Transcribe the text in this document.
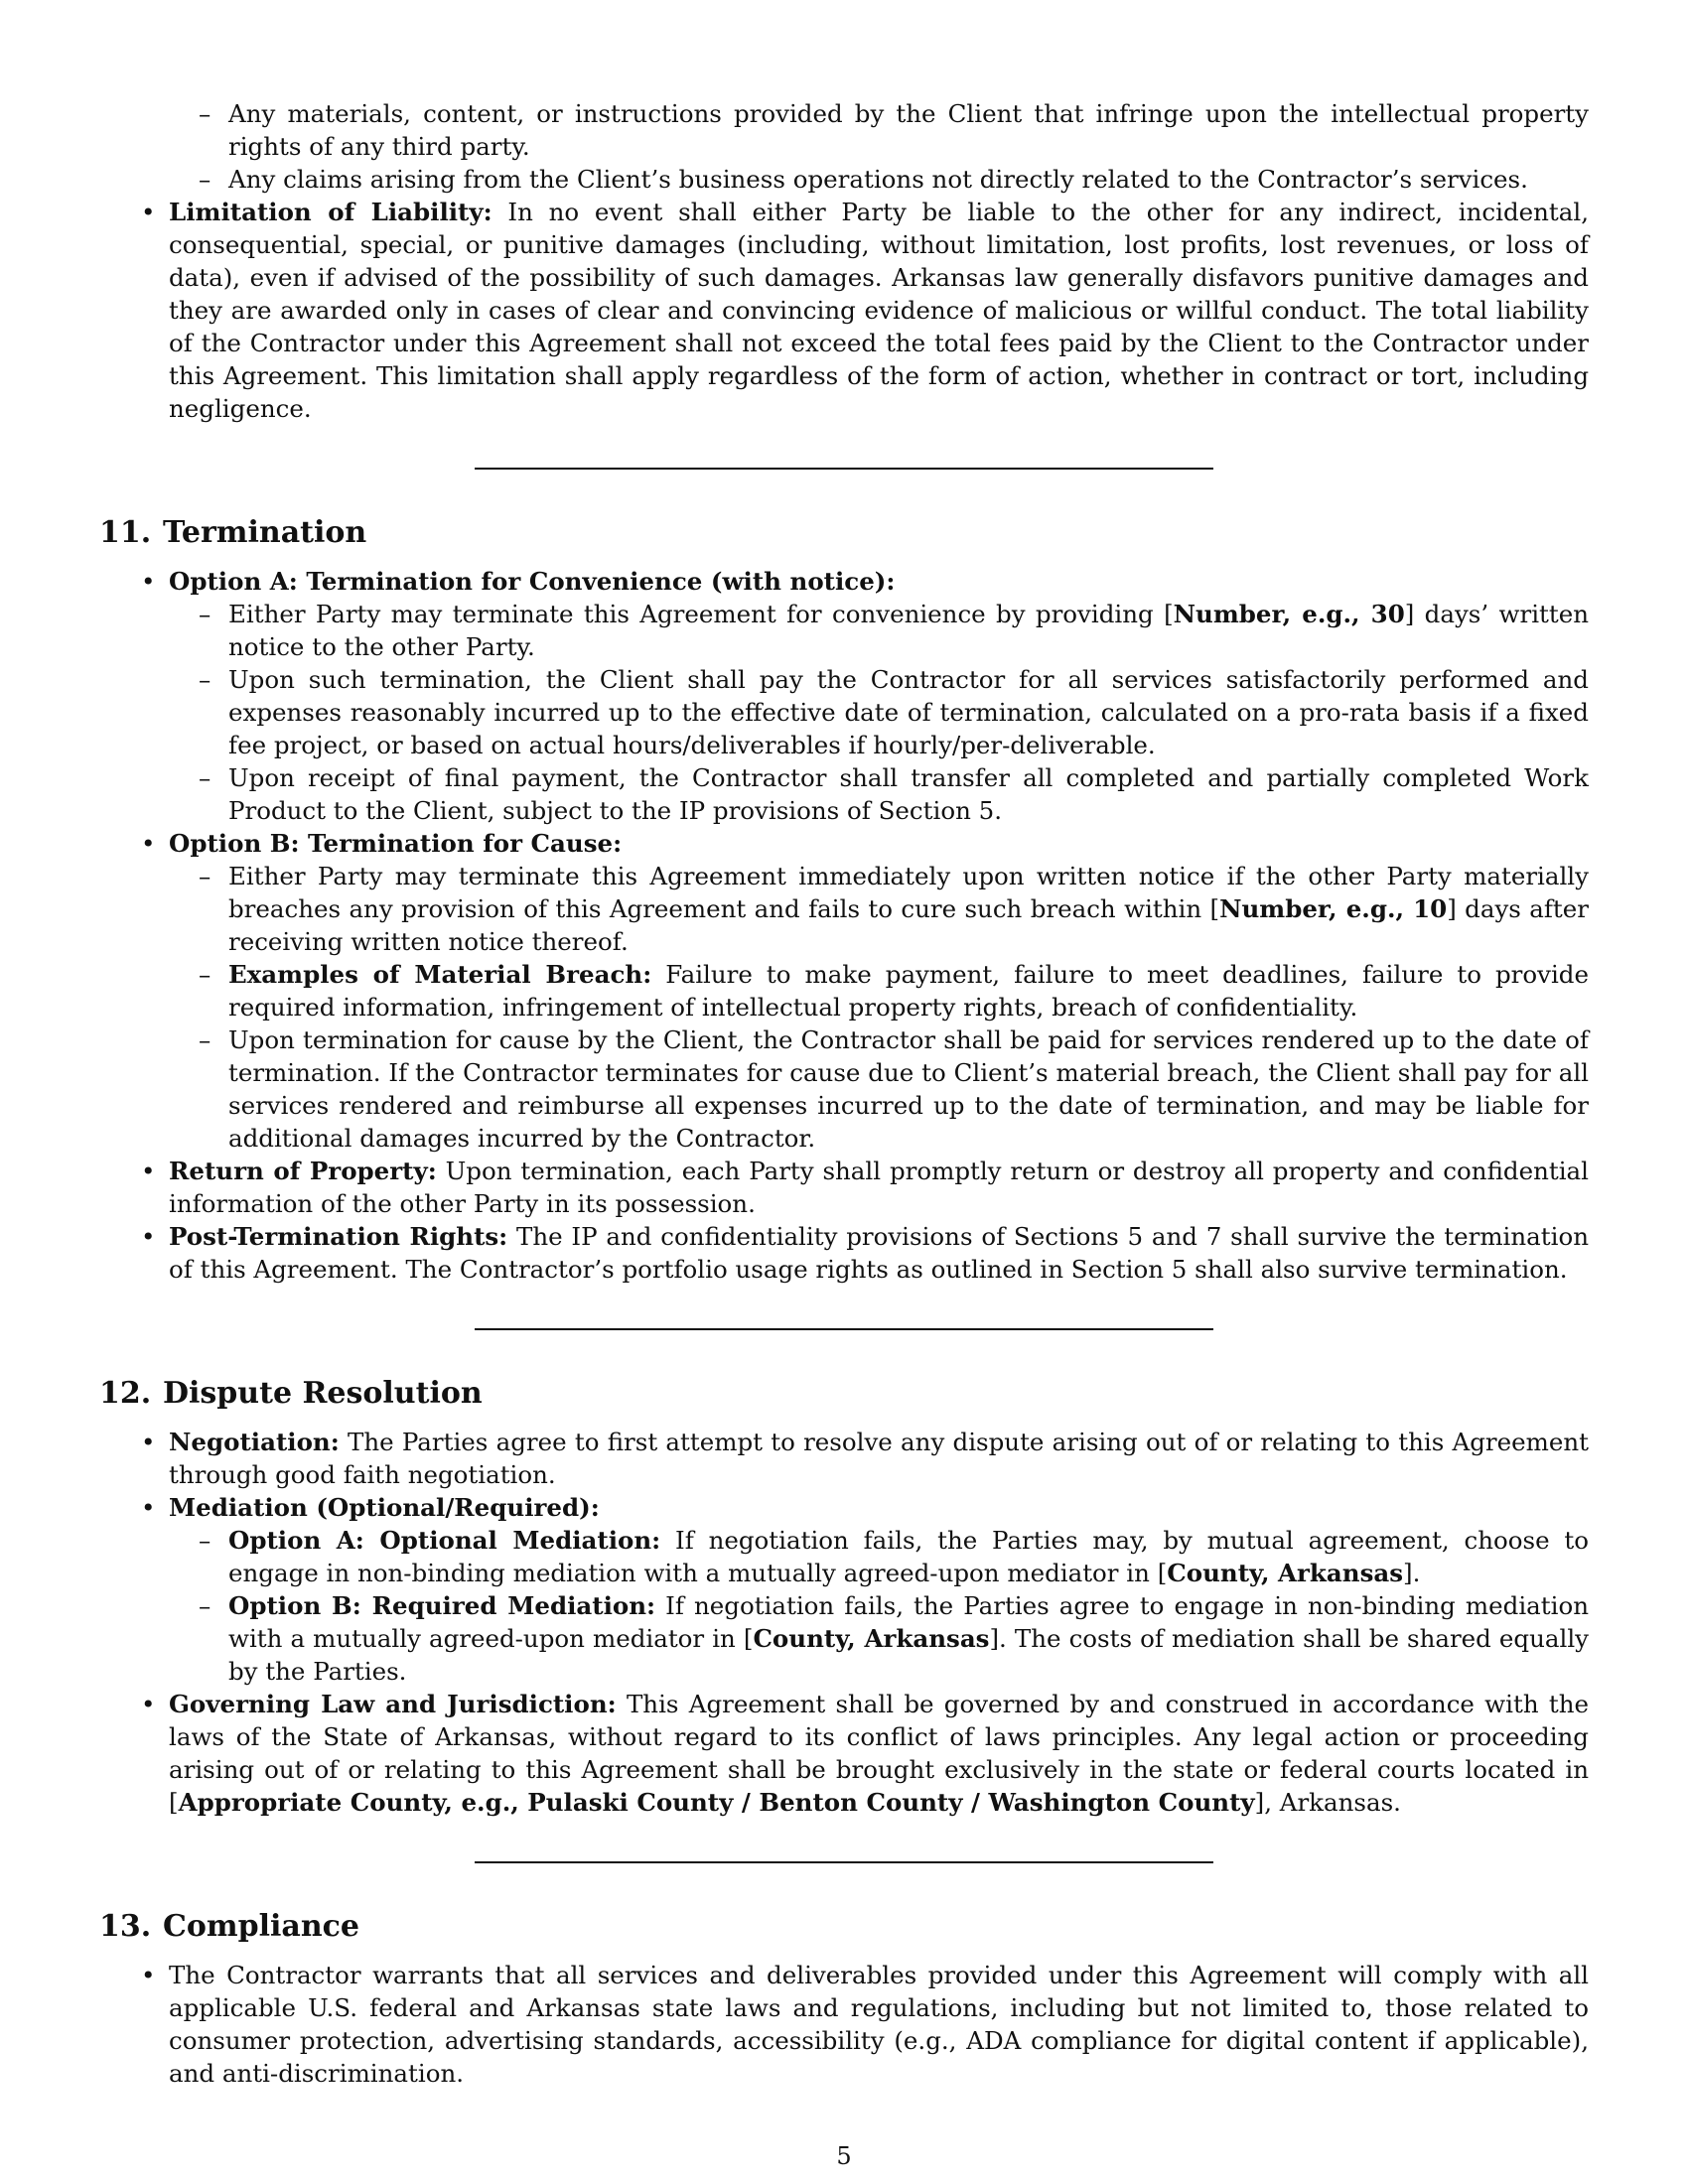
– Any materials, content, or instructions provided by the Client that infringe upon the intellectual property rights of any third party.
– Any claims arising from the Client’s business operations not directly related to the Contractor’s services.
• Limitation of Liability: In no event shall either Party be liable to the other for any indirect, incidental, consequential, special, or punitive damages (including, without limitation, lost profits, lost revenues, or loss of data), even if advised of the possibility of such damages. Arkansas law generally disfavors punitive damages and they are awarded only in cases of clear and convincing evidence of malicious or willful conduct. The total liability of the Contractor under this Agreement shall not exceed the total fees paid by the Client to the Contractor under this Agreement. This limitation shall apply regardless of the form of action, whether in contract or tort, including negligence.
11. Termination
• Option A: Termination for Convenience (with notice):
– Either Party may terminate this Agreement for convenience by providing [Number, e.g., 30] days’ written notice to the other Party.
– Upon such termination, the Client shall pay the Contractor for all services satisfactorily performed and expenses reasonably incurred up to the effective date of termination, calculated on a pro-rata basis if a fixed fee project, or based on actual hours/deliverables if hourly/per-deliverable.
– Upon receipt of final payment, the Contractor shall transfer all completed and partially completed Work Product to the Client, subject to the IP provisions of Section 5.
• Option B: Termination for Cause:
– Either Party may terminate this Agreement immediately upon written notice if the other Party materially breaches any provision of this Agreement and fails to cure such breach within [Number, e.g., 10] days after receiving written notice thereof.
– Examples of Material Breach: Failure to make payment, failure to meet deadlines, failure to provide required information, infringement of intellectual property rights, breach of confidentiality.
– Upon termination for cause by the Client, the Contractor shall be paid for services rendered up to the date of termination. If the Contractor terminates for cause due to Client’s material breach, the Client shall pay for all services rendered and reimburse all expenses incurred up to the date of termination, and may be liable for additional damages incurred by the Contractor.
• Return of Property: Upon termination, each Party shall promptly return or destroy all property and confidential information of the other Party in its possession.
• Post-Termination Rights: The IP and confidentiality provisions of Sections 5 and 7 shall survive the termination of this Agreement. The Contractor’s portfolio usage rights as outlined in Section 5 shall also survive termination.
12. Dispute Resolution
• Negotiation: The Parties agree to first attempt to resolve any dispute arising out of or relating to this Agreement through good faith negotiation.
• Mediation (Optional/Required):
– Option A: Optional Mediation: If negotiation fails, the Parties may, by mutual agreement, choose to engage in non-binding mediation with a mutually agreed-upon mediator in [County, Arkansas].
– Option B: Required Mediation: If negotiation fails, the Parties agree to engage in non-binding mediation with a mutually agreed-upon mediator in [County, Arkansas]. The costs of mediation shall be shared equally by the Parties.
• Governing Law and Jurisdiction: This Agreement shall be governed by and construed in accordance with the laws of the State of Arkansas, without regard to its conflict of laws principles. Any legal action or proceeding arising out of or relating to this Agreement shall be brought exclusively in the state or federal courts located in [Appropriate County, e.g., Pulaski County / Benton County / Washington County], Arkansas.
13. Compliance
• The Contractor warrants that all services and deliverables provided under this Agreement will comply with all applicable U.S. federal and Arkansas state laws and regulations, including but not limited to, those related to consumer protection, advertising standards, accessibility (e.g., ADA compliance for digital content if applicable), and anti-discrimination.
5
